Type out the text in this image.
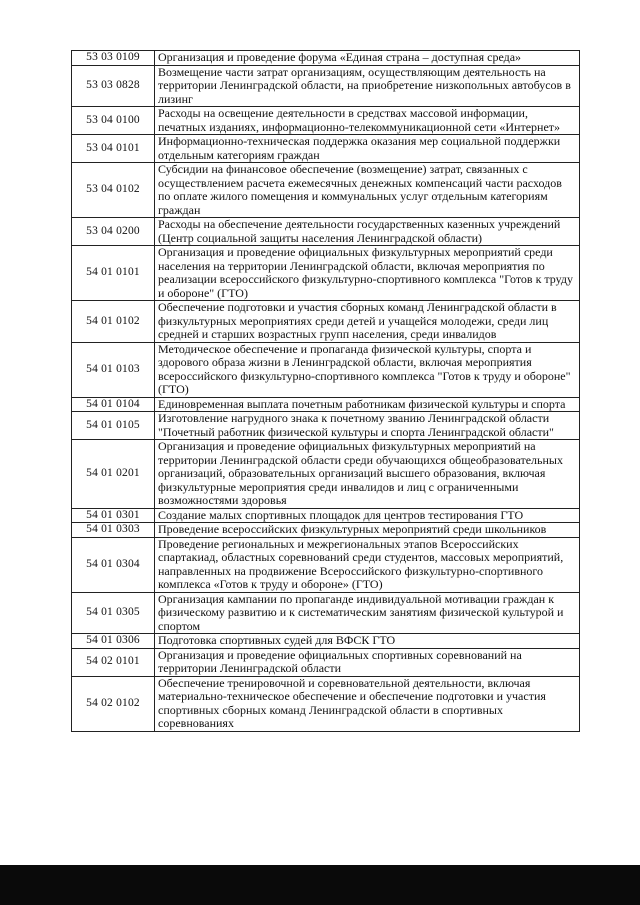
53 03 0109	Организация и проведение форума «Единая страна – доступная среда»
53 03 0828	Возмещение части затрат организациям, осуществляющим деятельность на территории Ленинградской области, на приобретение низкопольных автобусов в лизинг
53 04 0100	Расходы на освещение деятельности в средствах массовой информации, печатных изданиях, информационно-телекоммуникационной сети «Интернет»
53 04 0101	Информационно-техническая поддержка оказания мер социальной поддержки отдельным категориям граждан
53 04 0102	Субсидии на финансовое обеспечение (возмещение) затрат, связанных с осуществлением расчета ежемесячных денежных компенсаций части расходов по оплате жилого помещения и коммунальных услуг отдельным категориям граждан
53 04 0200	Расходы на обеспечение деятельности государственных казенных учреждений (Центр социальной защиты населения Ленинградской области)
54 01 0101	Организация и проведение официальных физкультурных мероприятий среди населения на территории Ленинградской области, включая мероприятия по реализации всероссийского физкультурно-спортивного комплекса "Готов к труду и обороне" (ГТО)
54 01 0102	Обеспечение подготовки и участия сборных команд Ленинградской области в физкультурных мероприятиях среди детей и учащейся молодежи, среди лиц средней и старших возрастных групп населения, среди инвалидов
54 01 0103	Методическое обеспечение и пропаганда физической культуры, спорта и здорового образа жизни в Ленинградской области, включая мероприятия всероссийского физкультурно-спортивного комплекса "Готов к труду и обороне" (ГТО)
54 01 0104	Единовременная выплата почетным работникам физической культуры и спорта
54 01 0105	Изготовление нагрудного знака к почетному званию Ленинградской области "Почетный работник физической культуры и спорта Ленинградской области"
54 01 0201	Организация и проведение официальных физкультурных мероприятий на территории Ленинградской области среди обучающихся общеобразовательных организаций, образовательных организаций высшего образования, включая физкультурные мероприятия среди инвалидов и лиц с ограниченными возможностями здоровья
54 01 0301	Создание малых спортивных площадок для центров тестирования ГТО
54 01 0303	Проведение всероссийских физкультурных мероприятий среди школьников
54 01 0304	Проведение региональных и межрегиональных этапов Всероссийских спартакиад, областных соревнований среди студентов, массовых мероприятий, направленных на продвижение Всероссийского физкультурно-спортивного комплекса «Готов к труду и обороне» (ГТО)
54 01 0305	Организация кампании по пропаганде индивидуальной мотивации граждан к физическому развитию и к систематическим занятиям физической культурой и спортом
54 01 0306	Подготовка спортивных судей для ВФСК ГТО
54 02 0101	Организация и проведение официальных спортивных соревнований на территории Ленинградской области
54 02 0102	Обеспечение тренировочной и соревновательной деятельности, включая материально-техническое обеспечение и обеспечение подготовки и участия спортивных сборных команд Ленинградской области в спортивных соревнованиях
